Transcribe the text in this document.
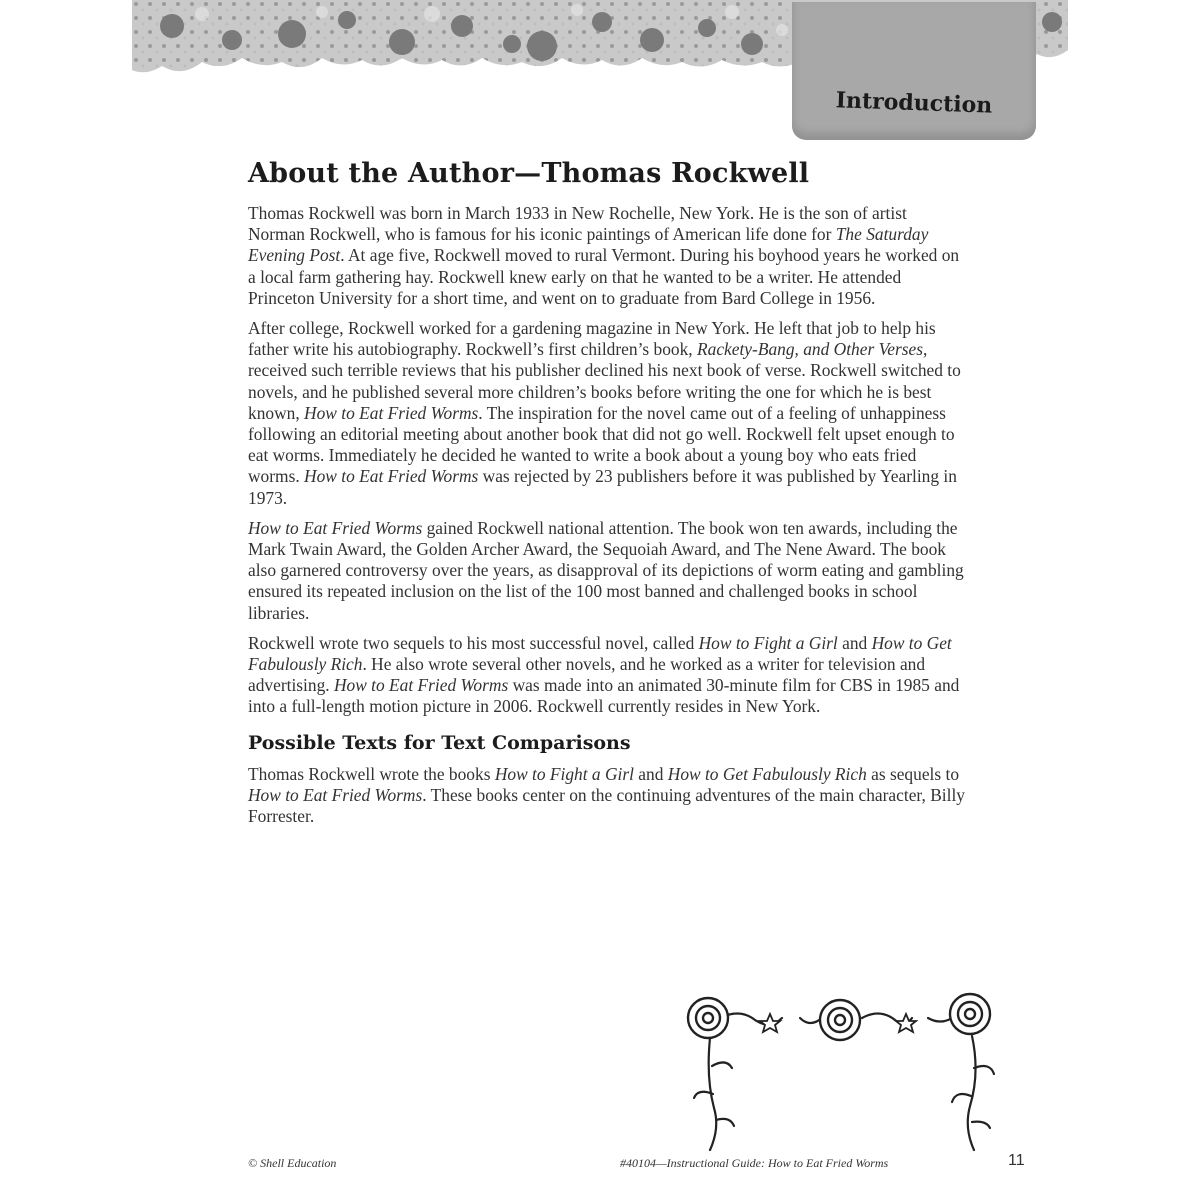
Introduction
About the Author—Thomas Rockwell

Thomas Rockwell was born in March 1933 in New Rochelle, New York. He is the son of artist Norman Rockwell, who is famous for his iconic paintings of American life done for The Saturday Evening Post. At age five, Rockwell moved to rural Vermont. During his boyhood years he worked on a local farm gathering hay. Rockwell knew early on that he wanted to be a writer. He attended Princeton University for a short time, and went on to graduate from Bard College in 1956.

After college, Rockwell worked for a gardening magazine in New York. He left that job to help his father write his autobiography. Rockwell’s first children’s book, Rackety-Bang, and Other Verses, received such terrible reviews that his publisher declined his next book of verse. Rockwell switched to novels, and he published several more children’s books before writing the one for which he is best known, How to Eat Fried Worms. The inspiration for the novel came out of a feeling of unhappiness following an editorial meeting about another book that did not go well. Rockwell felt upset enough to eat worms. Immediately he decided he wanted to write a book about a young boy who eats fried worms. How to Eat Fried Worms was rejected by 23 publishers before it was published by Yearling in 1973.

How to Eat Fried Worms gained Rockwell national attention. The book won ten awards, including the Mark Twain Award, the Golden Archer Award, the Sequoiah Award, and The Nene Award. The book also garnered controversy over the years, as disapproval of its depictions of worm eating and gambling ensured its repeated inclusion on the list of the 100 most banned and challenged books in school libraries.

Rockwell wrote two sequels to his most successful novel, called How to Fight a Girl and How to Get Fabulously Rich. He also wrote several other novels, and he worked as a writer for television and advertising. How to Eat Fried Worms was made into an animated 30-minute film for CBS in 1985 and into a full-length motion picture in 2006. Rockwell currently resides in New York.

Possible Texts for Text Comparisons

Thomas Rockwell wrote the books How to Fight a Girl and How to Get Fabulously Rich as sequels to How to Eat Fried Worms. These books center on the continuing adventures of the main character, Billy Forrester.

© Shell Education	#40104—Instructional Guide: How to Eat Fried Worms	11
